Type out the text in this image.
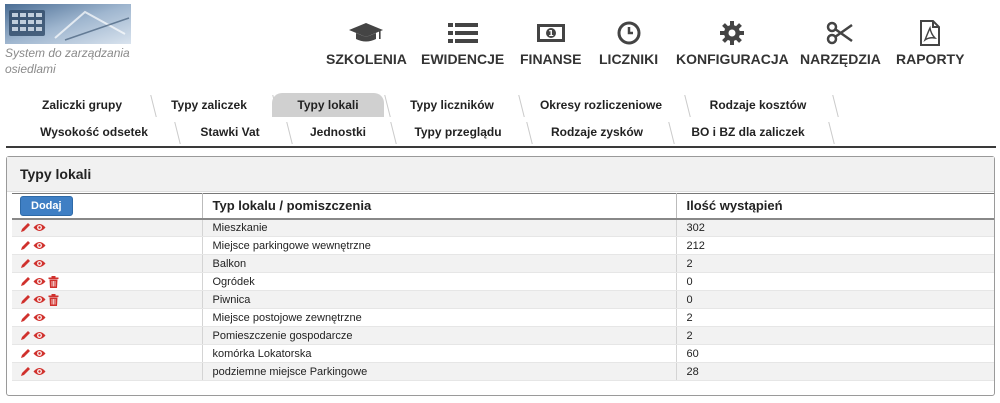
System do zarządzania osiedlami
SZKOLENIA EWIDENCJE
1
FINANSE LICZNIKI KONFIGURACJA NARZĘDZIA RAPORTY
Zaliczki grupy	Typy zaliczek	Typy lokali	Typy liczników	Okresy rozliczeniowe	Rodzaje kosztów
Wysokość odsetek	Stawki Vat	Jednostki	Typy przeglądu	Rodzaje zysków	BO i BZ dla zaliczek
Typy lokali
Dodaj	Typ lokalu / pomiszczenia	Ilość wystąpień

	Mieszkanie	302

	Miejsce parkingowe wewnętrzne	212

	Balkon	2

	Ogródek	0

	Piwnica	0

	Miejsce postojowe zewnętrzne	2

	Pomieszczenie gospodarcze	2

	komórka Lokatorska	60

	podziemne miejsce Parkingowe	28
